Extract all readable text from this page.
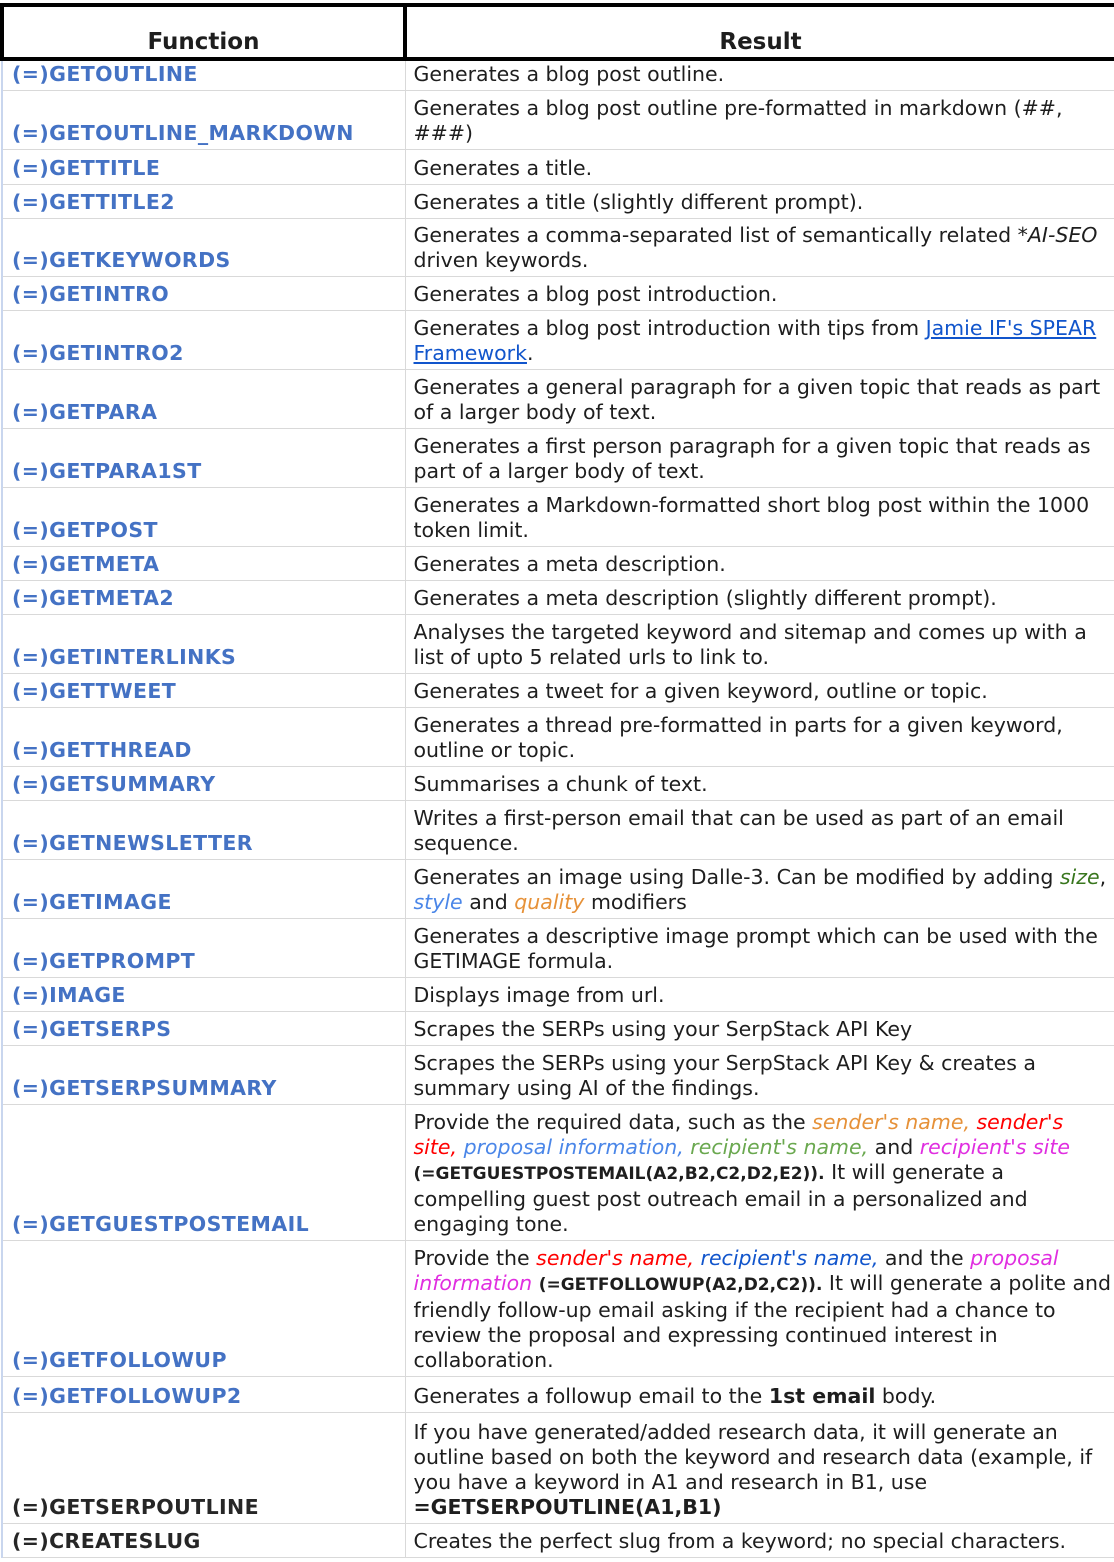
Function	Result
(=)GETOUTLINE	Generates a blog post outline.
(=)GETOUTLINE_MARKDOWN	Generates a blog post outline pre-formatted in markdown (##, ###)
(=)GETTITLE	Generates a title.
(=)GETTITLE2	Generates a title (slightly different prompt).
(=)GETKEYWORDS	Generates a comma-separated list of semantically related *AI-SEO driven keywords.
(=)GETINTRO	Generates a blog post introduction.
(=)GETINTRO2	Generates a blog post introduction with tips from Jamie IF's SPEAR Framework.
(=)GETPARA	Generates a general paragraph for a given topic that reads as part of a larger body of text.
(=)GETPARA1ST	Generates a first person paragraph for a given topic that reads as part of a larger body of text.
(=)GETPOST	Generates a Markdown-formatted short blog post within the 1000 token limit.
(=)GETMETA	Generates a meta description.
(=)GETMETA2	Generates a meta description (slightly different prompt).
(=)GETINTERLINKS	Analyses the targeted keyword and sitemap and comes up with a list of upto 5 related urls to link to.
(=)GETTWEET	Generates a tweet for a given keyword, outline or topic.
(=)GETTHREAD	Generates a thread pre-formatted in parts for a given keyword, outline or topic.
(=)GETSUMMARY	Summarises a chunk of text.
(=)GETNEWSLETTER	Writes a first-person email that can be used as part of an email sequence.
(=)GETIMAGE	Generates an image using Dalle-3. Can be modified by adding size, style and quality modifiers
(=)GETPROMPT	Generates a descriptive image prompt which can be used with the GETIMAGE formula.
(=)IMAGE	Displays image from url.
(=)GETSERPS	Scrapes the SERPs using your SerpStack API Key
(=)GETSERPSUMMARY	Scrapes the SERPs using your SerpStack API Key & creates a summary using AI of the findings.
(=)GETGUESTPOSTEMAIL	Provide the required data, such as the sender's name, sender's site, proposal information, recipient's name, and recipient's site (=GETGUESTPOSTEMAIL(A2,B2,C2,D2,E2)). It will generate a compelling guest post outreach email in a personalized and engaging tone.
(=)GETFOLLOWUP	Provide the sender's name, recipient's name, and the proposal information (=GETFOLLOWUP(A2,D2,C2)). It will generate a polite and friendly follow-up email asking if the recipient had a chance to review the proposal and expressing continued interest in collaboration.
(=)GETFOLLOWUP2	Generates a followup email to the 1st email body.
(=)GETSERPOUTLINE	If you have generated/added research data, it will generate an outline based on both the keyword and research data (example, if you have a keyword in A1 and research in B1, use =GETSERPOUTLINE(A1,B1)
(=)CREATESLUG	Creates the perfect slug from a keyword; no special characters.
